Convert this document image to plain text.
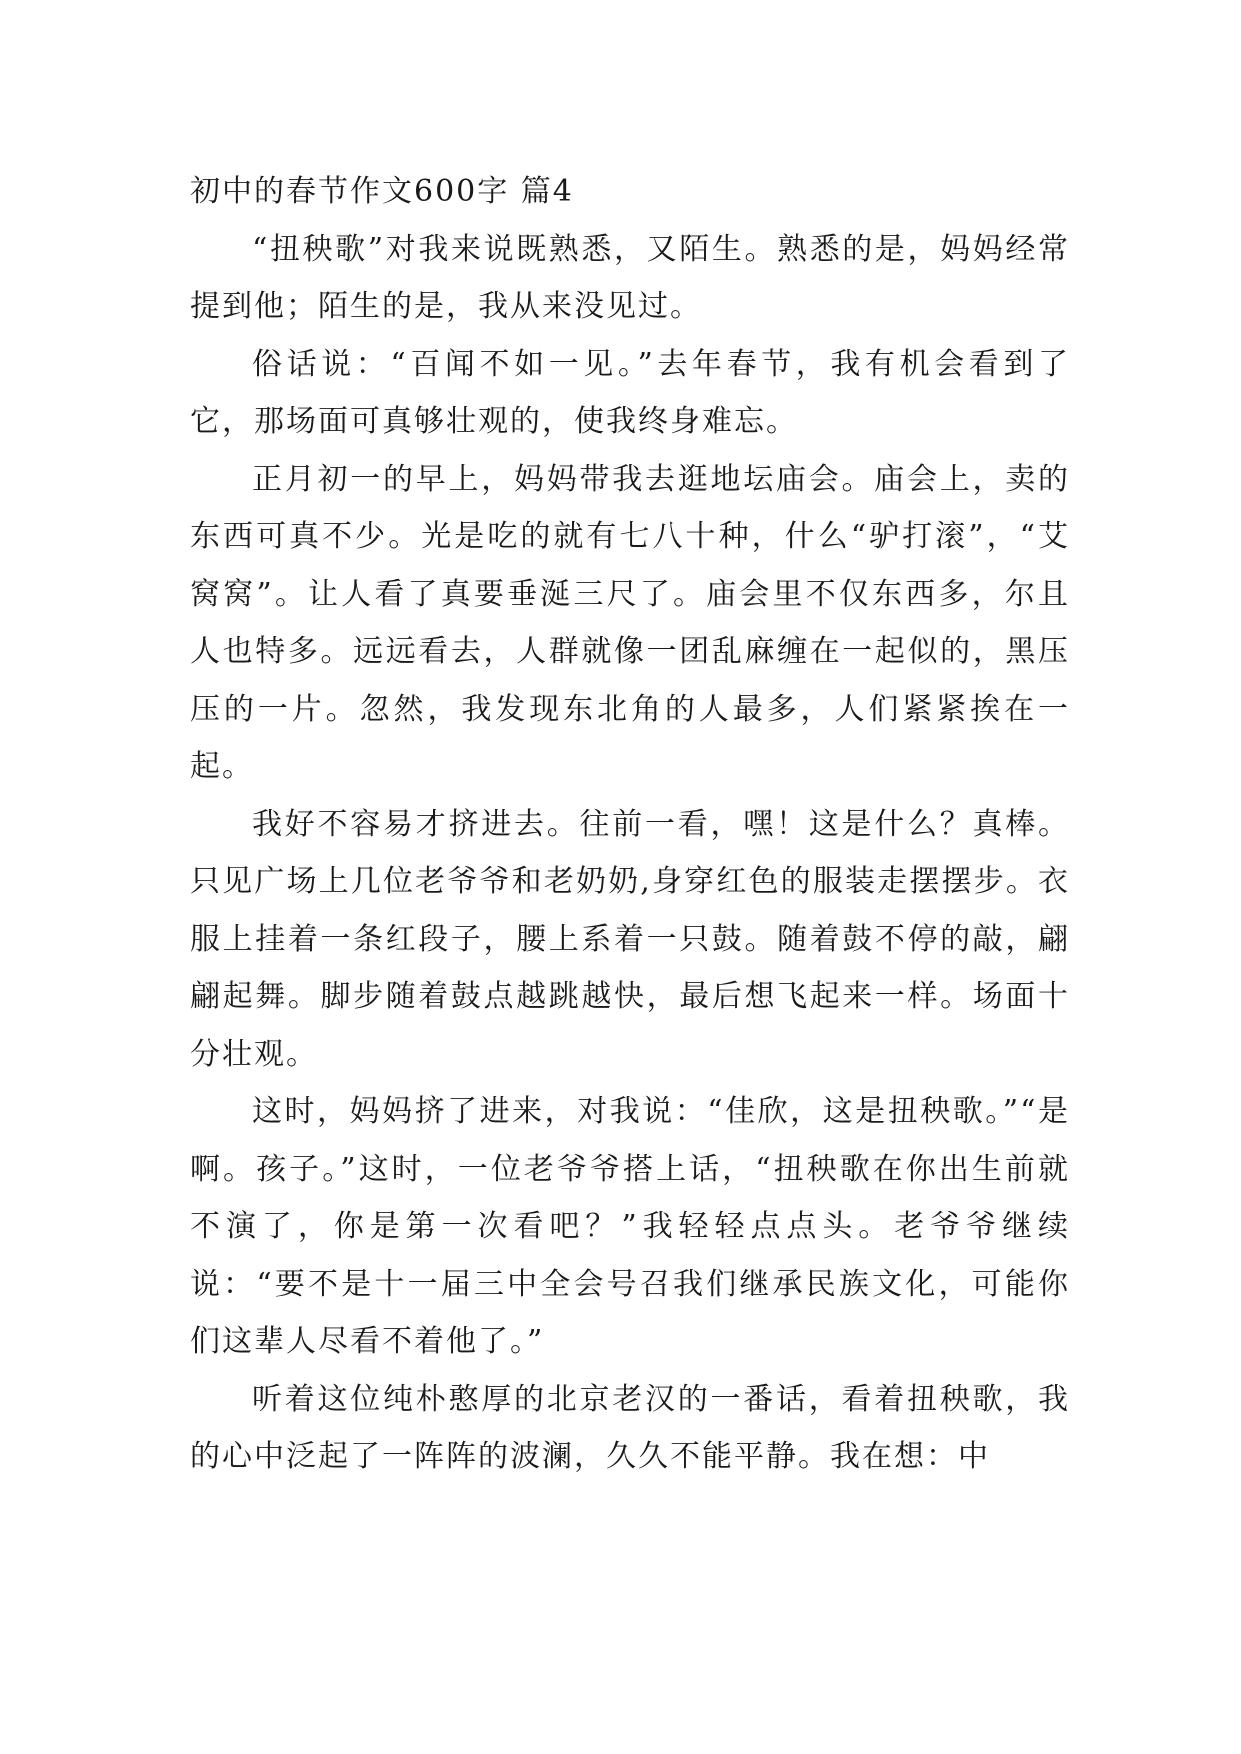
初中的春节作文600字 篇4

“扭秧歌”对我来说既熟悉，又陌生。熟悉的是，妈妈经常提到他；陌生的是，我从来没见过。

俗话说：“百闻不如一见。”去年春节，我有机会看到了它，那场面可真够壮观的，使我终身难忘。

正月初一的早上，妈妈带我去逛地坛庙会。庙会上，卖的东西可真不少。光是吃的就有七八十种，什么“驴打滚”，“艾窝窝”。让人看了真要垂涎三尺了。庙会里不仅东西多，尔且人也特多。远远看去，人群就像一团乱麻缠在一起似的，黑压压的一片。忽然，我发现东北角的人最多，人们紧紧挨在一起。

我好不容易才挤进去。往前一看，嘿！这是什么？真棒。只见广场上几位老爷爷和老奶奶,身穿红色的服装走摆摆步。衣服上挂着一条红段子，腰上系着一只鼓。随着鼓不停的敲，翩翩起舞。脚步随着鼓点越跳越快，最后想飞起来一样。场面十分壮观。

这时，妈妈挤了进来，对我说：“佳欣，这是扭秧歌。”“是啊。孩子。”这时，一位老爷爷搭上话，“扭秧歌在你出生前就不演了，你是第一次看吧？”我轻轻点点头。老爷爷继续说：“要不是十一届三中全会号召我们继承民族文化，可能你们这辈人尽看不着他了。”

听着这位纯朴憨厚的北京老汉的一番话，看着扭秧歌，我的心中泛起了一阵阵的波澜，久久不能平静。我在想：中
